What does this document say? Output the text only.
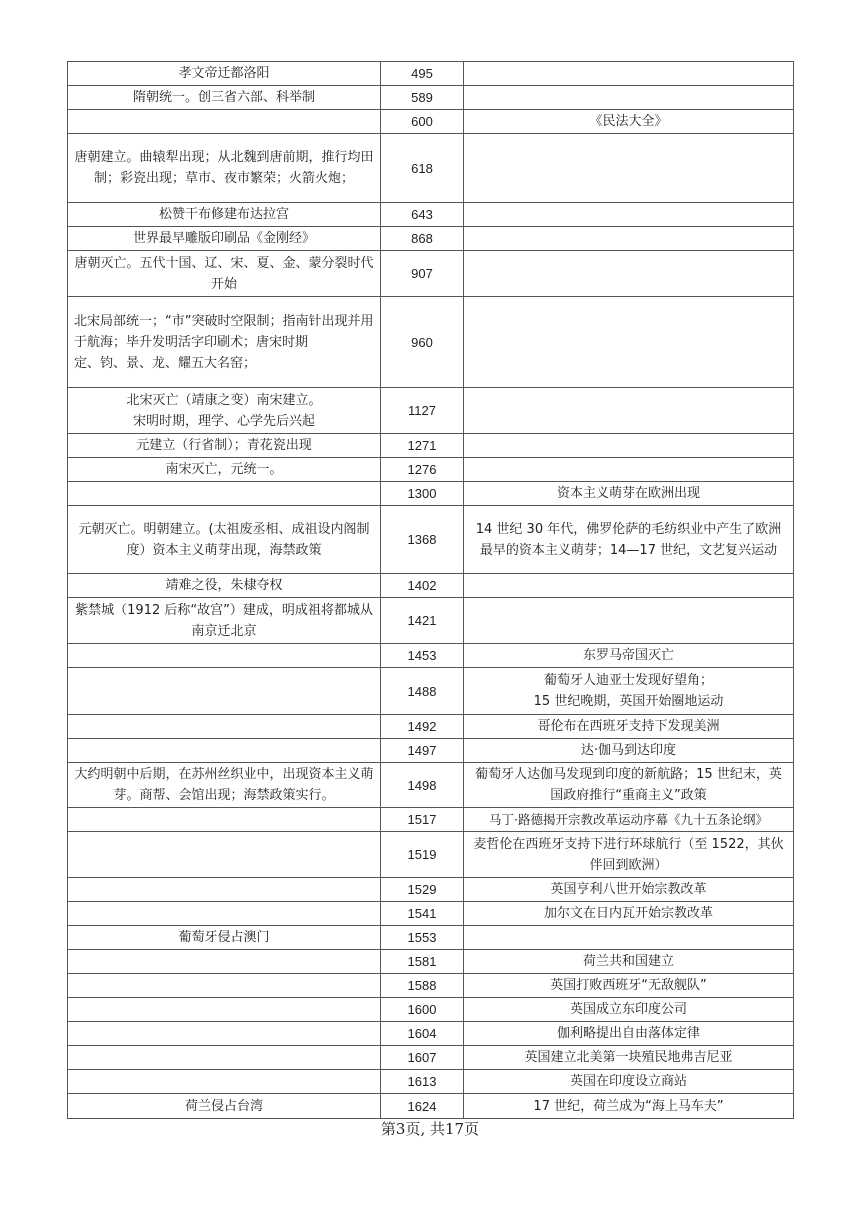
孝文帝迁都洛阳	495	
隋朝统一。创三省六部、科举制	589	
	600	《民法大全》
唐朝建立。曲辕犁出现；从北魏到唐前期，推行均田制；彩瓷出现；草市、夜市繁荣；火箭火炮；	618	
松赞干布修建布达拉宫	643	
世界最早雕版印刷品《金刚经》	868	
唐朝灭亡。五代十国、辽、宋、夏、金、蒙分裂时代开始	907	
北宋局部统一；“市”突破时空限制；指南针出现并用于航海；毕升发明活字印刷术；唐宋时期
定、钧、景、龙、耀五大名窑；	960	
北宋灭亡（靖康之变）南宋建立。
宋明时期，理学、心学先后兴起	1127	
元建立（行省制）；青花瓷出现	1271	
南宋灭亡，元统一。	1276	
	1300	资本主义萌芽在欧洲出现
元朝灭亡。明朝建立。(太祖废丞相、成祖设内阁制度）资本主义萌芽出现，海禁政策	1368	14 世纪 30 年代，佛罗伦萨的毛纺织业中产生了欧洲最早的资本主义萌芽；14—17 世纪，文艺复兴运动
靖难之役，朱棣夺权	1402	
紫禁城（1912 后称“故宫”）建成，明成祖将都城从南京迁北京	1421	
	1453	东罗马帝国灭亡
	1488	葡萄牙人迪亚士发现好望角；
15 世纪晚期，英国开始圈地运动
	1492	哥伦布在西班牙支持下发现美洲
	1497	达·伽马到达印度
大约明朝中后期，在苏州丝织业中，出现资本主义萌芽。商帮、会馆出现；海禁政策实行。	1498	葡萄牙人达伽马发现到印度的新航路；15 世纪末，英国政府推行“重商主义”政策
	1517	马丁·路德揭开宗教改革运动序幕《九十五条论纲》
	1519	麦哲伦在西班牙支持下进行环球航行（至 1522，其伙伴回到欧洲）
	1529	英国亨利八世开始宗教改革
	1541	加尔文在日内瓦开始宗教改革
葡萄牙侵占澳门	1553	
	1581	荷兰共和国建立
	1588	英国打败西班牙“无敌舰队”
	1600	英国成立东印度公司
	1604	伽利略提出自由落体定律
	1607	英国建立北美第一块殖民地弗吉尼亚
	1613	英国在印度设立商站
荷兰侵占台湾	1624	17 世纪，荷兰成为“海上马车夫”
第3页, 共17页
